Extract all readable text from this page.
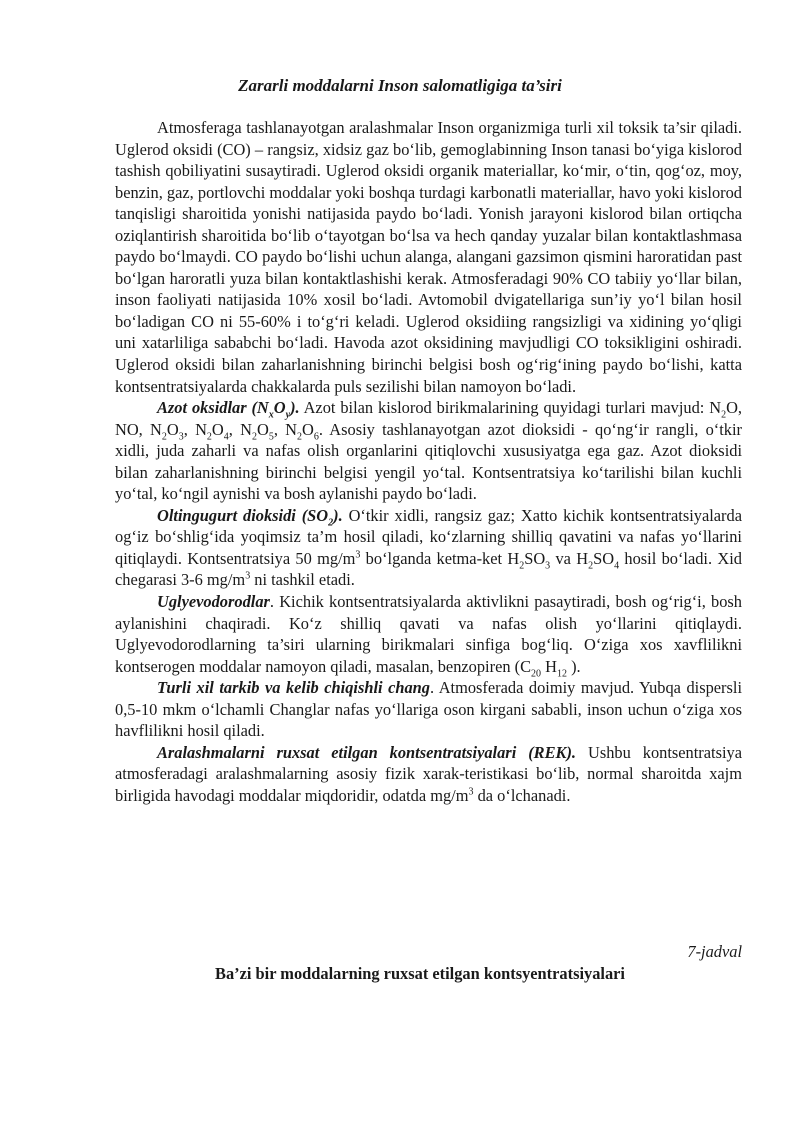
Zararli moddalarni Inson salomatligiga ta’siri

Atmosferaga tashlanayotgan aralashmalar Inson organizmiga turli xil toksik ta’sir qiladi. Uglerod oksidi (CO) – rangsiz, xidsiz gaz bo‘lib, gemoglabinning Inson tanasi bo‘yiga kislorod tashish qobiliyatini susaytiradi. Uglerod oksidi organik materiallar, ko‘mir, o‘tin, qog‘oz, moy, benzin, gaz, portlovchi moddalar yoki boshqa turdagi karbonatli materiallar, havo yoki kislorod tanqisligi sharoitida yonishi natijasida paydo bo‘ladi. Yonish jarayoni kislorod bilan ortiqcha oziqlantirish sharoitida bo‘lib o‘tayotgan bo‘lsa va hech qanday yuzalar bilan kontaktlashmasa paydo bo‘lmaydi. CO paydo bo‘lishi uchun alanga, alangani gazsimon qismini haroratidan past bo‘lgan haroratli yuza bilan kontaktlashishi kerak. Atmosferadagi 90% CO tabiiy yo‘llar bilan, inson faoliyati natijasida 10% xosil bo‘ladi. Avtomobil dvigatellariga sun’iy yo‘l bilan hosil bo‘ladigan CO ni 55-60% i to‘g‘ri keladi. Uglerod oksidiing rangsizligi va xidining yo‘qligi uni xatarliligа sababchi bo‘ladi. Havoda azot oksidining mavjudligi CO toksikligini oshiradi. Uglerod oksidi bilan zaharlanishning birinchi belgisi bosh og‘rig‘ining paydo bo‘lishi, katta kontsentratsiyalarda chakkalarda puls sezilishi bilan namoyon bo‘ladi.

Azot oksidlar $(N_xO_y)$. Azot bilan kislorod birikmalarining quyidagi turlari mavjud: $N_2O$, NO, $N_2O_3$, $N_2O_4$, $N_2O_5$, $N_2O_6$. Asosiy tashlanayotgan azot dioksidi - qo‘ng‘ir rangli, o‘tkir xidli, juda zaharli va nafas olish organlarini qitiqlovchi xususiyatga ega gaz. Azot dioksidi bilan zaharlanishning birinchi belgisi yengil yo‘tal. Kontsentratsiya ko‘tarilishi bilan kuchli yo‘tal, ko‘ngil aynishi va bosh aylanishi paydo bo‘ladi.

Oltingugurt dioksidi $(SO_2)$. O‘tkir xidli, rangsiz gaz; Xatto kichik kontsentratsiyalarda og‘iz bo‘shlig‘ida yoqimsiz ta’m hosil qiladi, ko‘zlarning shilliq qavatini va nafas yo‘llarini qitiqlaydi. Kontsentratsiya 50 $mg/m^3$ bo‘lganda ketma-ket $H_2SO_3$ va $H_2SO_4$ hosil bo‘ladi. Xid chegarasi 3-6 $mg/m^3$ ni tashkil etadi.

Uglyevodorodlar. Kichik kontsentratsiyalarda aktivlikni pasaytiradi, bosh og‘rig‘i, bosh aylanishini chaqiradi. Ko‘z shilliq qavati va nafas olish yo‘llarini qitiqlaydi. Uglyevodorodlarning ta’siri ularning birikmalari sinfiga bog‘liq. O‘ziga xos xavflilikni kontserogen moddalar namoyon qiladi, masalan, benzopiren ($C_{20}$ $H_{12}$ ).

Turli xil tarkib va kelib chiqishli chang. Atmosferada doimiy mavjud. Yubqa dispersli 0,5-10 mkm o‘lchamli Changlar nafas yo‘llariga oson kirgani sababli, inson uchun o‘ziga xos havflilikni hosil qiladi.

Aralashmalarni ruxsat etilgan kontsentratsiyalari (REK). Ushbu kontsentratsiya atmosferadagi aralashmalarning asosiy fizik xarak-teristikasi bo‘lib, normal sharoitda xajm birligida havodagi moddalar miqdoridir, odatda $mg/m^3$ da o‘lchanadi.

7-jadval

Ba’zi bir moddalarning ruxsat etilgan kontsyentratsiyalari
